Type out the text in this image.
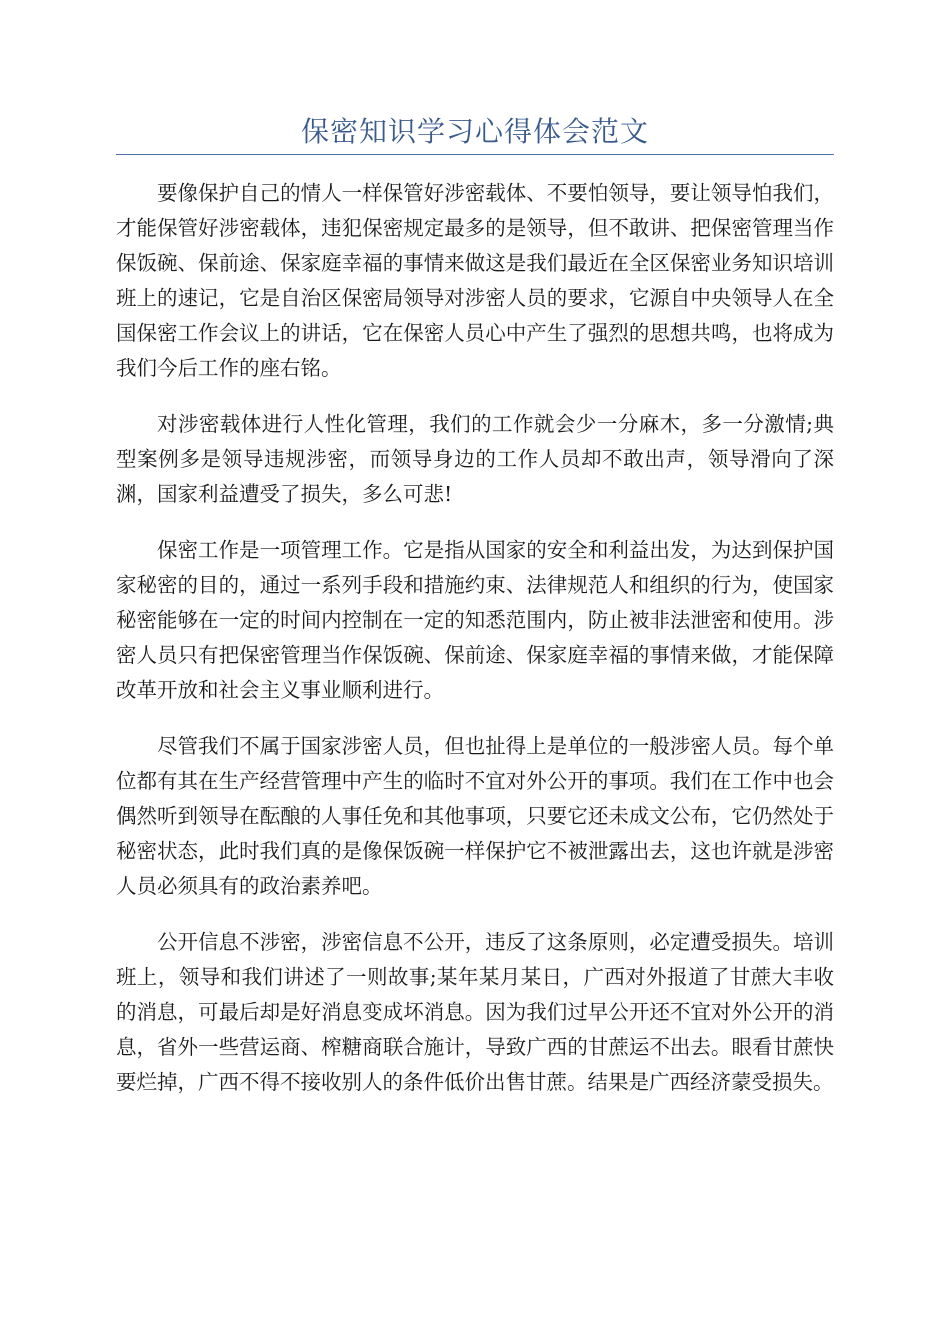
保密知识学习心得体会范文

要像保护自己的情人一样保管好涉密载体、不要怕领导，要让领导怕我们，才能保管好涉密载体，违犯保密规定最多的是领导，但不敢讲、把保密管理当作保饭碗、保前途、保家庭幸福的事情来做这是我们最近在全区保密业务知识培训班上的速记，它是自治区保密局领导对涉密人员的要求，它源自中央领导人在全国保密工作会议上的讲话，它在保密人员心中产生了强烈的思想共鸣，也将成为我们今后工作的座右铭。

对涉密载体进行人性化管理，我们的工作就会少一分麻木，多一分激情;典型案例多是领导违规涉密，而领导身边的工作人员却不敢出声，领导滑向了深渊，国家利益遭受了损失，多么可悲!

保密工作是一项管理工作。它是指从国家的安全和利益出发，为达到保护国家秘密的目的，通过一系列手段和措施约束、法律规范人和组织的行为，使国家秘密能够在一定的时间内控制在一定的知悉范围内，防止被非法泄密和使用。涉密人员只有把保密管理当作保饭碗、保前途、保家庭幸福的事情来做，才能保障改革开放和社会主义事业顺利进行。

尽管我们不属于国家涉密人员，但也扯得上是单位的一般涉密人员。每个单位都有其在生产经营管理中产生的临时不宜对外公开的事项。我们在工作中也会偶然听到领导在酝酿的人事任免和其他事项，只要它还未成文公布，它仍然处于秘密状态，此时我们真的是像保饭碗一样保护它不被泄露出去，这也许就是涉密人员必须具有的政治素养吧。

公开信息不涉密，涉密信息不公开，违反了这条原则，必定遭受损失。培训班上，领导和我们讲述了一则故事;某年某月某日，广西对外报道了甘蔗大丰收的消息，可最后却是好消息变成坏消息。因为我们过早公开还不宜对外公开的消息，省外一些营运商、榨糖商联合施计，导致广西的甘蔗运不出去。眼看甘蔗快要烂掉，广西不得不接收别人的条件低价出售甘蔗。结果是广西经济蒙受损失。
